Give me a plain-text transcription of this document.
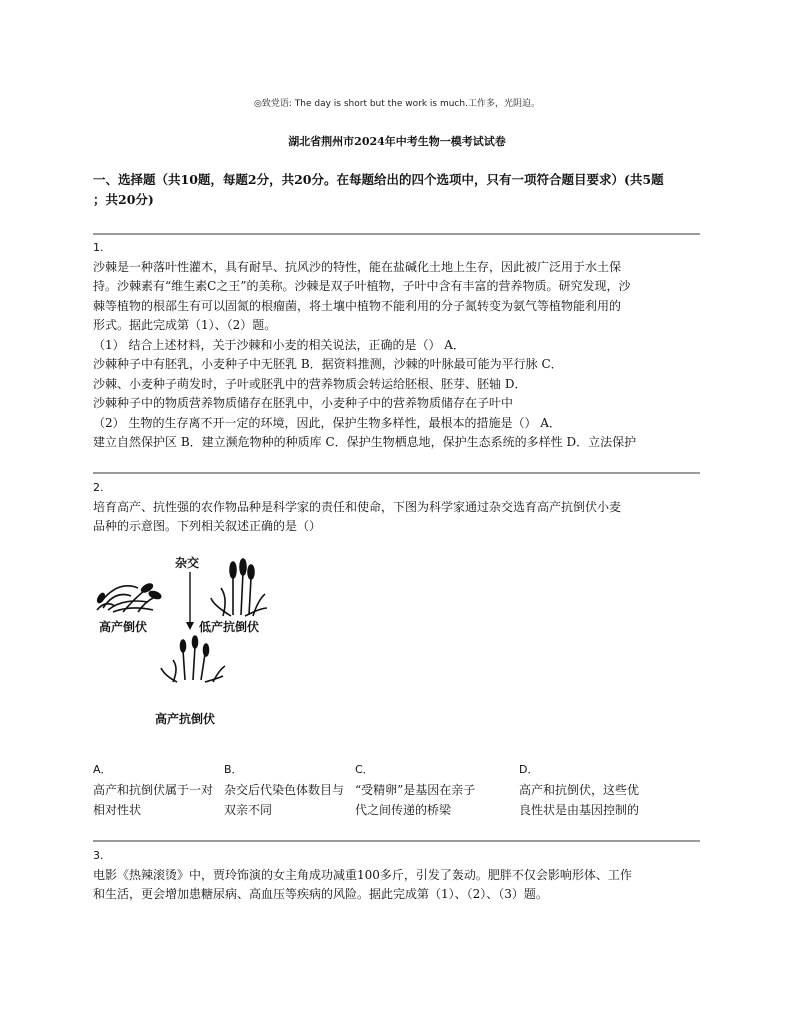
◎致党语: The day is short but the work is much.工作多，光阴迫。
湖北省荆州市2024年中考生物一模考试试卷
一、选择题（共10题，每题2分，共20分。在每题给出的四个选项中，只有一项符合题目要求）(共5题
；共20分)
1.
沙棘是一种落叶性灌木，具有耐旱、抗风沙的特性，能在盐碱化土地上生存，因此被广泛用于水土保
持。沙棘素有“维生素C之王”的美称。沙棘是双子叶植物，子叶中含有丰富的营养物质。研究发现，沙
棘等植物的根部生有可以固氮的根瘤菌，将土壤中植物不能利用的分子氮转变为氨气等植物能利用的
形式。据此完成第（1）、（2）题。
（1） 结合上述材料，关于沙棘和小麦的相关说法，正确的是（） A．
沙棘种子中有胚乳，小麦种子中无胚乳 B．据资料推测，沙棘的叶脉最可能为平行脉 C．
沙棘、小麦种子萌发时，子叶或胚乳中的营养物质会转运给胚根、胚芽、胚轴 D．
沙棘种子中的物质营养物质储存在胚乳中，小麦种子中的营养物质储存在子叶中
（2） 生物的生存离不开一定的环境，因此，保护生物多样性，最根本的措施是（） A．
建立自然保护区 B．建立濒危物种的种质库 C．保护生物栖息地，保护生态系统的多样性 D．立法保护
2.
培育高产、抗性强的农作物品种是科学家的责任和使命，下图为科学家通过杂交选育高产抗倒伏小麦
品种的示意图。下列相关叙述正确的是（）
杂交
高产倒伏	低产抗倒伏
高产抗倒伏
A．
高产和抗倒伏属于一对相对性状
B．
杂交后代染色体数目与双亲不同
C．
“受精卵”是基因在亲子代之间传递的桥梁
D．
高产和抗倒伏，这些优良性状是由基因控制的
3.
电影《热辣滚烫》中，贾玲饰演的女主角成功减重100多斤，引发了轰动。肥胖不仅会影响形体、工作
和生活，更会增加患糖尿病、高血压等疾病的风险。据此完成第（1）、（2）、（3）题。
